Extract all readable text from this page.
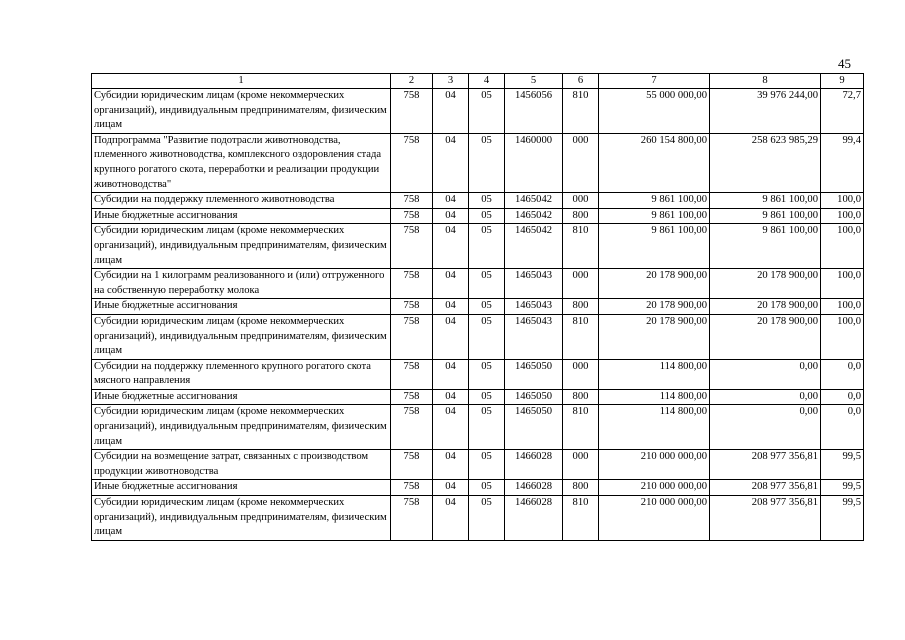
45
1	2	3	4	5	6	7	8	9
Субсидии юридическим лицам (кроме некоммерческих организаций), индивидуальным предпринимателям, физическим лицам	758	04	05	1456056	810	55 000 000,00	39 976 244,00	72,7
Подпрограмма "Развитие подотрасли животноводства, племенного животноводства, комплексного оздоровления стада крупного рогатого скота, переработки и реализации продукции животноводства"	758	04	05	1460000	000	260 154 800,00	258 623 985,29	99,4
Субсидии на поддержку племенного животноводства	758	04	05	1465042	000	9 861 100,00	9 861 100,00	100,0
Иные бюджетные ассигнования	758	04	05	1465042	800	9 861 100,00	9 861 100,00	100,0
Субсидии юридическим лицам (кроме некоммерческих организаций), индивидуальным предпринимателям, физическим лицам	758	04	05	1465042	810	9 861 100,00	9 861 100,00	100,0
Субсидии на 1 килограмм реализованного и (или) отгруженного на собственную переработку молока	758	04	05	1465043	000	20 178 900,00	20 178 900,00	100,0
Иные бюджетные ассигнования	758	04	05	1465043	800	20 178 900,00	20 178 900,00	100,0
Субсидии юридическим лицам (кроме некоммерческих организаций), индивидуальным предпринимателям, физическим лицам	758	04	05	1465043	810	20 178 900,00	20 178 900,00	100,0
Субсидии на поддержку племенного крупного рогатого скота мясного направления	758	04	05	1465050	000	114 800,00	0,00	0,0
Иные бюджетные ассигнования	758	04	05	1465050	800	114 800,00	0,00	0,0
Субсидии юридическим лицам (кроме некоммерческих организаций), индивидуальным предпринимателям, физическим лицам	758	04	05	1465050	810	114 800,00	0,00	0,0
Субсидии на возмещение затрат, связанных с производством продукции животноводства	758	04	05	1466028	000	210 000 000,00	208 977 356,81	99,5
Иные бюджетные ассигнования	758	04	05	1466028	800	210 000 000,00	208 977 356,81	99,5
Субсидии юридическим лицам (кроме некоммерческих организаций), индивидуальным предпринимателям, физическим лицам	758	04	05	1466028	810	210 000 000,00	208 977 356,81	99,5
